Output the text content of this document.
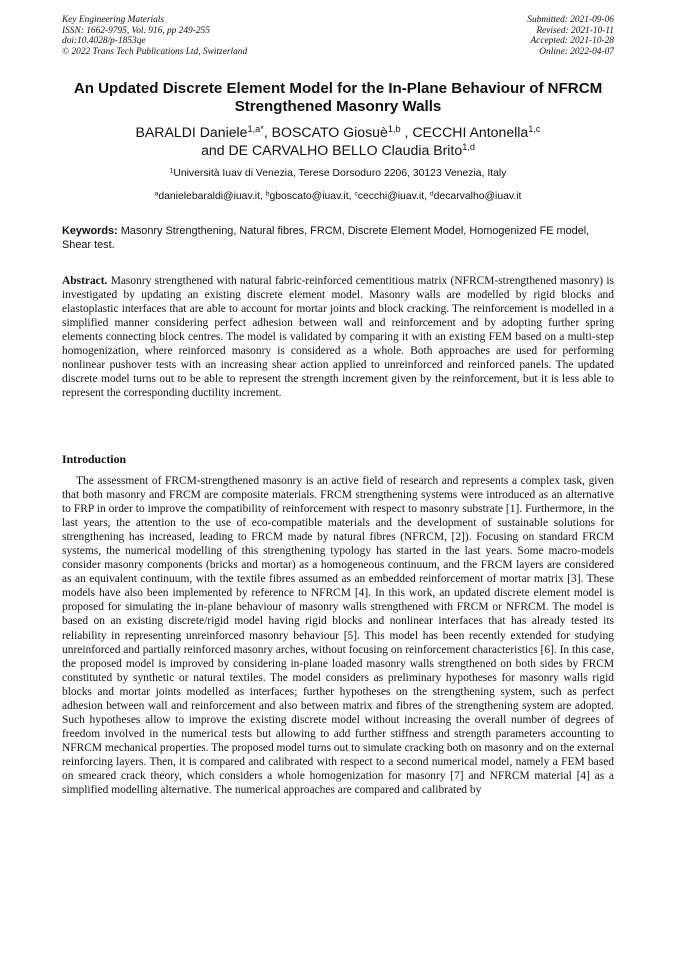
Key Engineering Materials
ISSN: 1662-9795, Vol. 916, pp 249-255
doi:10.4028/p-1853qe
© 2022 Trans Tech Publications Ltd, Switzerland
Submitted: 2021-09-06
Revised: 2021-10-11
Accepted: 2021-10-28
Online: 2022-04-07
An Updated Discrete Element Model for the In-Plane Behaviour of NFRCM Strengthened Masonry Walls
BARALDI Daniele$^{1,a*}$, BOSCATO Giosuè$^{1,b}$ , CECCHI Antonella$^{1,c}$
and DE CARVALHO BELLO Claudia Brito$^{1,d}$
$^1$Università Iuav di Venezia, Terese Dorsoduro 2206, 30123 Venezia, Italy
$^a$danielebaraldi@iuav.it, $^b$gboscato@iuav.it, $^c$cecchi@iuav.it, $^d$decarvalho@iuav.it
Keywords: Masonry Strengthening, Natural fibres, FRCM, Discrete Element Model, Homogenized FE model, Shear test.

Abstract. Masonry strengthened with natural fabric-reinforced cementitious matrix (NFRCM-strengthened masonry) is investigated by updating an existing discrete element model. Masonry walls are modelled by rigid blocks and elastoplastic interfaces that are able to account for mortar joints and block cracking. The reinforcement is modelled in a simplified manner considering perfect adhesion between wall and reinforcement and by adopting further spring elements connecting block centres. The model is validated by comparing it with an existing FEM based on a multi-step homogenization, where reinforced masonry is considered as a whole. Both approaches are used for performing nonlinear pushover tests with an increasing shear action applied to unreinforced and reinforced panels. The updated discrete model turns out to be able to represent the strength increment given by the reinforcement, but it is less able to represent the corresponding ductility increment.

Introduction

The assessment of FRCM-strengthened masonry is an active field of research and represents a complex task, given that both masonry and FRCM are composite materials. FRCM strengthening systems were introduced as an alternative to FRP in order to improve the compatibility of reinforcement with respect to masonry substrate [1]. Furthermore, in the last years, the attention to the use of eco-compatible materials and the development of sustainable solutions for strengthening has increased, leading to FRCM made by natural fibres (NFRCM, [2]). Focusing on standard FRCM systems, the numerical modelling of this strengthening typology has started in the last years. Some macro-models consider masonry components (bricks and mortar) as a homogeneous continuum, and the FRCM layers are considered as an equivalent continuum, with the textile fibres assumed as an embedded reinforcement of mortar matrix [3]. These models have also been implemented by reference to NFRCM [4]. In this work, an updated discrete element model is proposed for simulating the in-plane behaviour of masonry walls strengthened with FRCM or NFRCM. The model is based on an existing discrete/rigid model having rigid blocks and nonlinear interfaces that has already tested its reliability in representing unreinforced masonry behaviour [5]. This model has been recently extended for studying unreinforced and partially reinforced masonry arches, without focusing on reinforcement characteristics [6]. In this case, the proposed model is improved by considering in-plane loaded masonry walls strengthened on both sides by FRCM constituted by synthetic or natural textiles. The model considers as preliminary hypotheses for masonry walls rigid blocks and mortar joints modelled as interfaces; further hypotheses on the strengthening system, such as perfect adhesion between wall and reinforcement and also between matrix and fibres of the strengthening system are adopted. Such hypotheses allow to improve the existing discrete model without increasing the overall number of degrees of freedom involved in the numerical tests but allowing to add further stiffness and strength parameters accounting to NFRCM mechanical properties. The proposed model turns out to simulate cracking both on masonry and on the external reinforcing layers. Then, it is compared and calibrated with respect to a second numerical model, namely a FEM based on smeared crack theory, which considers a whole homogenization for masonry [7] and NFRCM material [4] as a simplified modelling alternative. The numerical approaches are compared and calibrated by
